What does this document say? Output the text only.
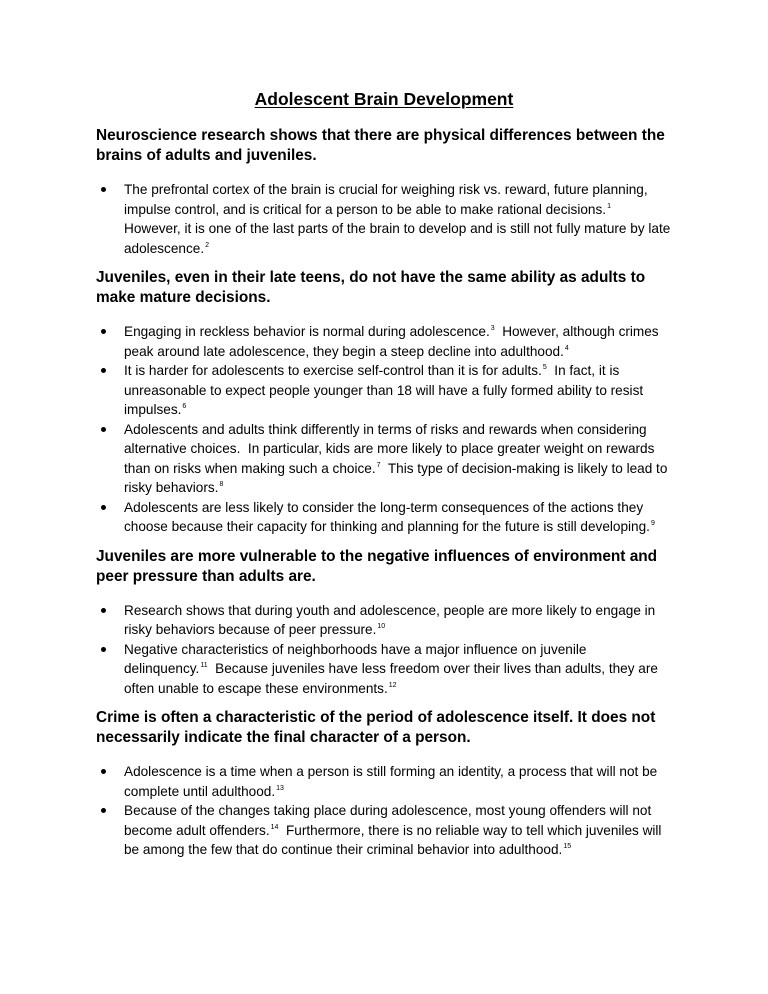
Adolescent Brain Development
Neuroscience research shows that there are physical differences between the brains of adults and juveniles.
The prefrontal cortex of the brain is crucial for weighing risk vs. reward, future planning, impulse control, and is critical for a person to be able to make rational decisions.$^1$  However, it is one of the last parts of the brain to develop and is still not fully mature by late adolescence.$^2$
Juveniles, even in their late teens, do not have the same ability as adults to make mature decisions.
Engaging in reckless behavior is normal during adolescence.$^3$  However, although crimes peak around late adolescence, they begin a steep decline into adulthood.$^4$
It is harder for adolescents to exercise self-control than it is for adults.$^5$  In fact, it is unreasonable to expect people younger than 18 will have a fully formed ability to resist impulses.$^6$
Adolescents and adults think differently in terms of risks and rewards when considering alternative choices.  In particular, kids are more likely to place greater weight on rewards than on risks when making such a choice.$^7$  This type of decision-making is likely to lead to risky behaviors.$^8$
Adolescents are less likely to consider the long-term consequences of the actions they choose because their capacity for thinking and planning for the future is still developing.$^9$
Juveniles are more vulnerable to the negative influences of environment and peer pressure than adults are.
Research shows that during youth and adolescence, people are more likely to engage in risky behaviors because of peer pressure.$^{10}$
Negative characteristics of neighborhoods have a major influence on juvenile delinquency.$^{11}$  Because juveniles have less freedom over their lives than adults, they are often unable to escape these environments.$^{12}$
Crime is often a characteristic of the period of adolescence itself. It does not necessarily indicate the final character of a person.
Adolescence is a time when a person is still forming an identity, a process that will not be complete until adulthood.$^{13}$
Because of the changes taking place during adolescence, most young offenders will not become adult offenders.$^{14}$  Furthermore, there is no reliable way to tell which juveniles will be among the few that do continue their criminal behavior into adulthood.$^{15}$
